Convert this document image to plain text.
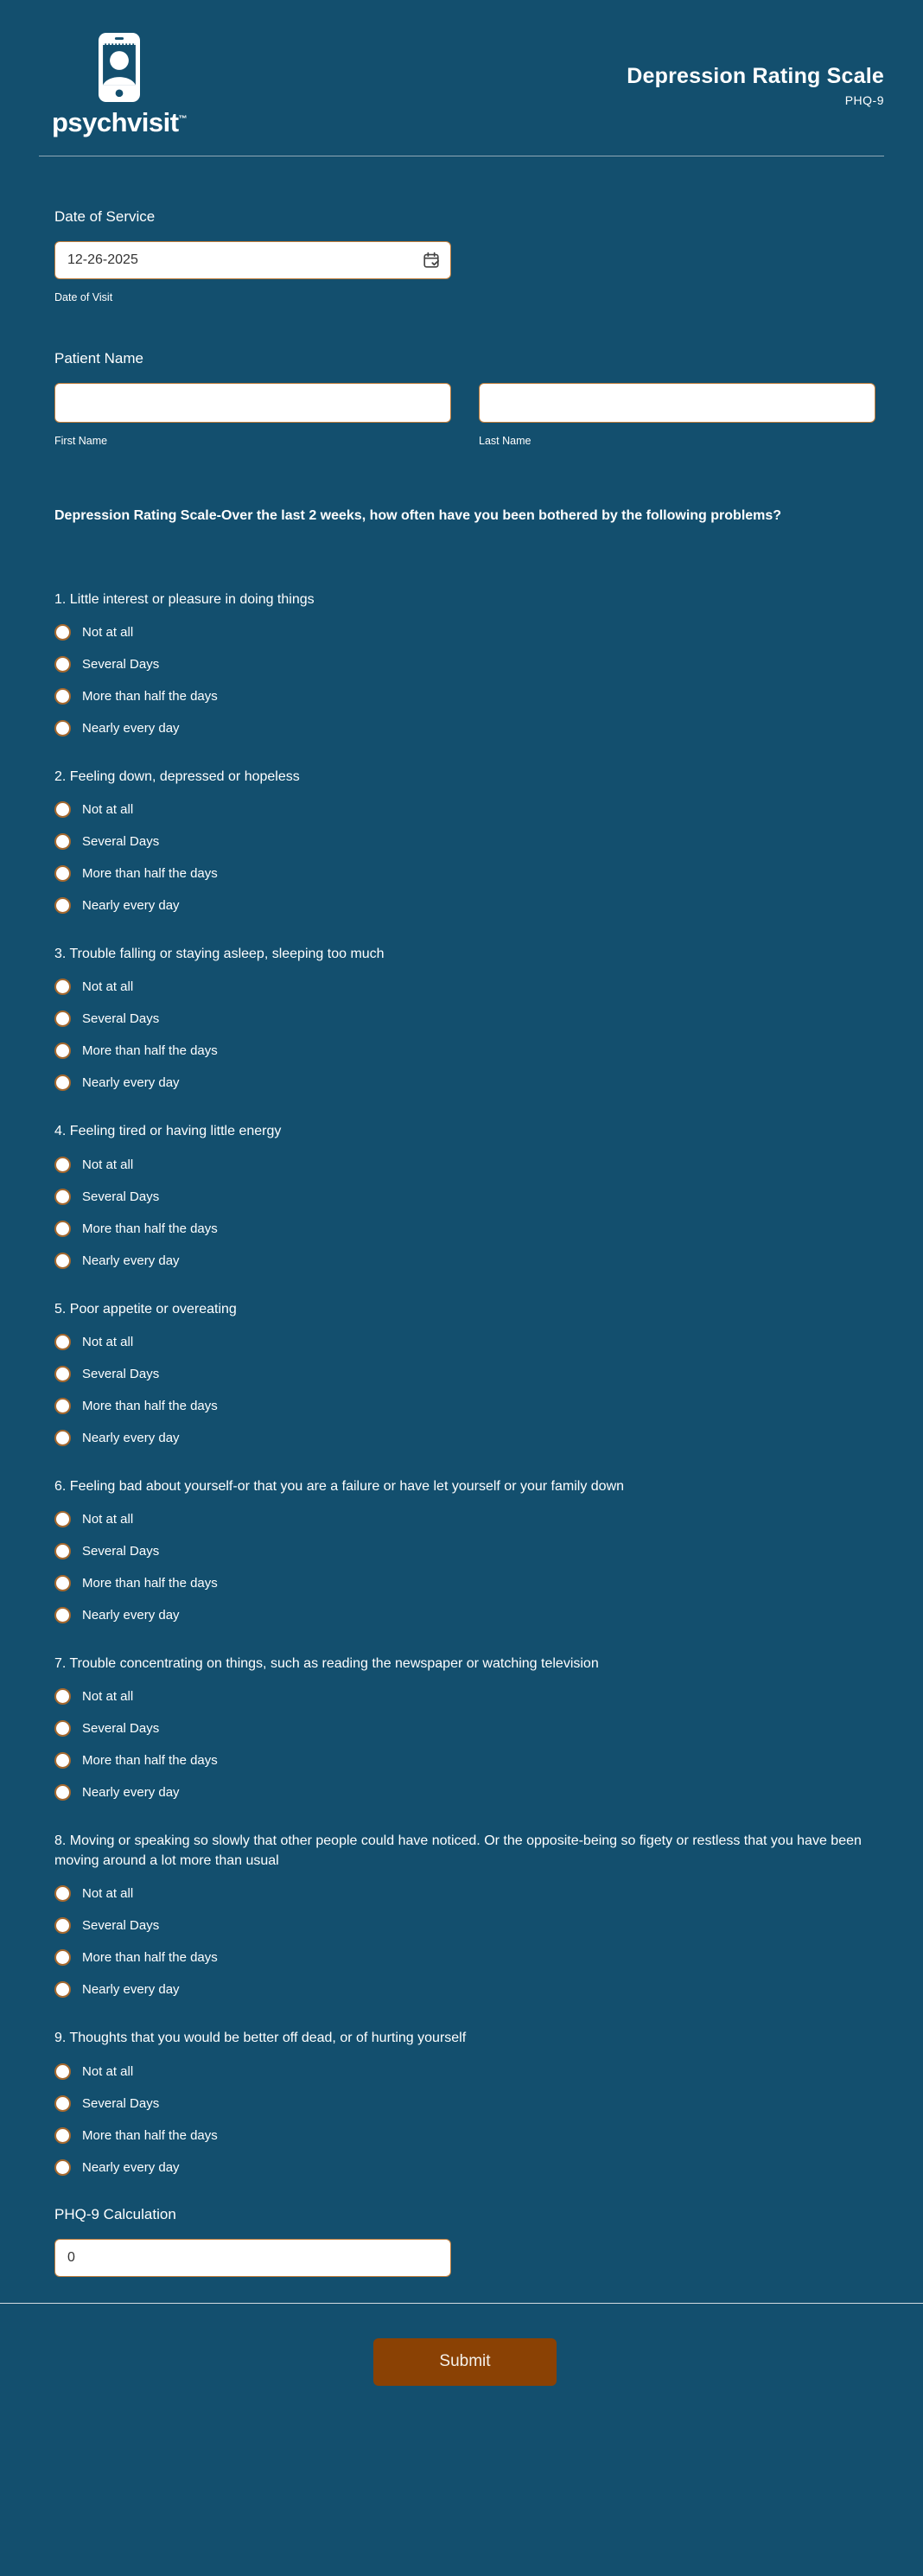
psychvisit™
Depression Rating Scale
PHQ-9
Date of Service
12-26-2025
Date of Visit
Patient Name
First Name	Last Name
Depression Rating Scale-Over the last 2 weeks, how often have you been bothered by the following problems?
1. Little interest or pleasure in doing things
Not at all
Several Days
More than half the days
Nearly every day
2. Feeling down, depressed or hopeless
Not at all
Several Days
More than half the days
Nearly every day
3. Trouble falling or staying asleep, sleeping too much
Not at all
Several Days
More than half the days
Nearly every day
4. Feeling tired or having little energy
Not at all
Several Days
More than half the days
Nearly every day
5. Poor appetite or overeating
Not at all
Several Days
More than half the days
Nearly every day
6. Feeling bad about yourself-or that you are a failure or have let yourself or your family down
Not at all
Several Days
More than half the days
Nearly every day
7. Trouble concentrating on things, such as reading the newspaper or watching television
Not at all
Several Days
More than half the days
Nearly every day
8. Moving or speaking so slowly that other people could have noticed. Or the opposite-being so figety or restless that you have been moving around a lot more than usual
Not at all
Several Days
More than half the days
Nearly every day
9. Thoughts that you would be better off dead, or of hurting yourself
Not at all
Several Days
More than half the days
Nearly every day
PHQ-9 Calculation
0
Submit
